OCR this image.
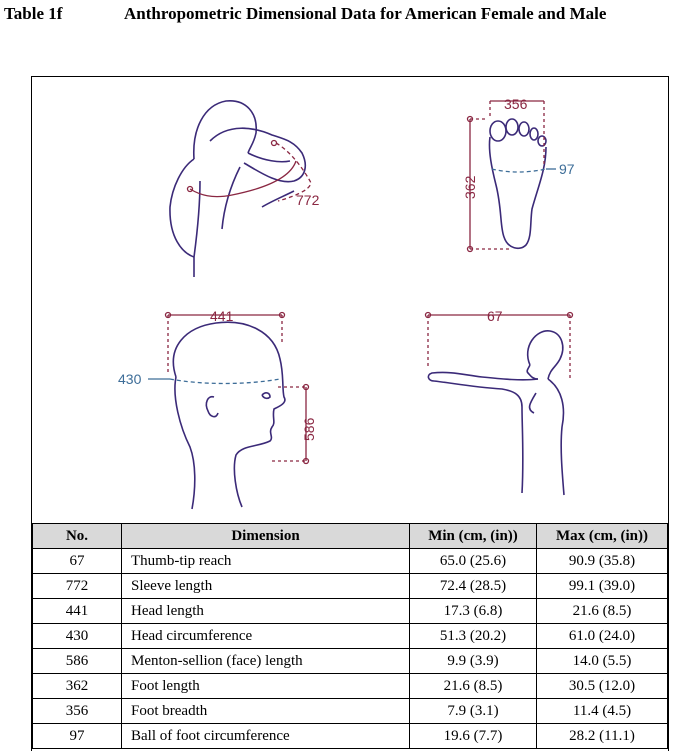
Table 1f	Anthropometric Dimensional Data for American Female and Male
772
356
362
97
441
430
586
67
No.	Dimension	Min (cm, (in))	Max (cm, (in))
67	Thumb-tip reach	65.0 (25.6)	90.9 (35.8)
772	Sleeve length	72.4 (28.5)	99.1 (39.0)
441	Head length	17.3 (6.8)	21.6 (8.5)
430	Head circumference	51.3 (20.2)	61.0 (24.0)
586	Menton-sellion (face) length	9.9 (3.9)	14.0 (5.5)
362	Foot length	21.6 (8.5)	30.5 (12.0)
356	Foot breadth	7.9 (3.1)	11.4 (4.5)
97	Ball of foot circumference	19.6 (7.7)	28.2 (11.1)
